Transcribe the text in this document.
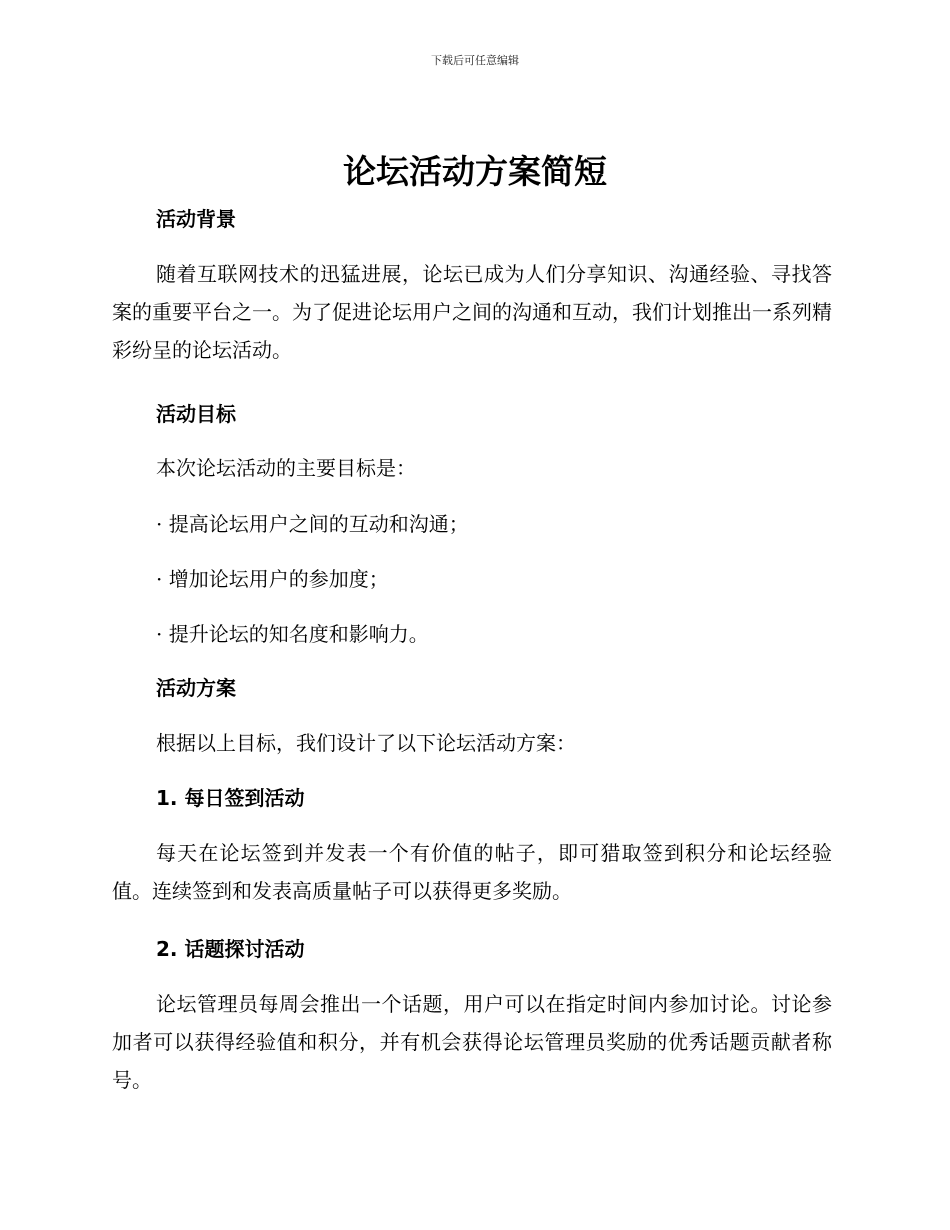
下载后可任意编辑
论坛活动方案简短
活动背景

随着互联网技术的迅猛进展，论坛已成为人们分享知识、沟通经验、寻找答案的重要平台之一。为了促进论坛用户之间的沟通和互动，我们计划推出一系列精彩纷呈的论坛活动。

活动目标

本次论坛活动的主要目标是：

· 提高论坛用户之间的互动和沟通；

· 增加论坛用户的参加度；

· 提升论坛的知名度和影响力。

活动方案

根据以上目标，我们设计了以下论坛活动方案：

1. 每日签到活动

每天在论坛签到并发表一个有价值的帖子，即可猎取签到积分和论坛经验值。连续签到和发表高质量帖子可以获得更多奖励。

2. 话题探讨活动

论坛管理员每周会推出一个话题，用户可以在指定时间内参加讨论。讨论参加者可以获得经验值和积分，并有机会获得论坛管理员奖励的优秀话题贡献者称号。
